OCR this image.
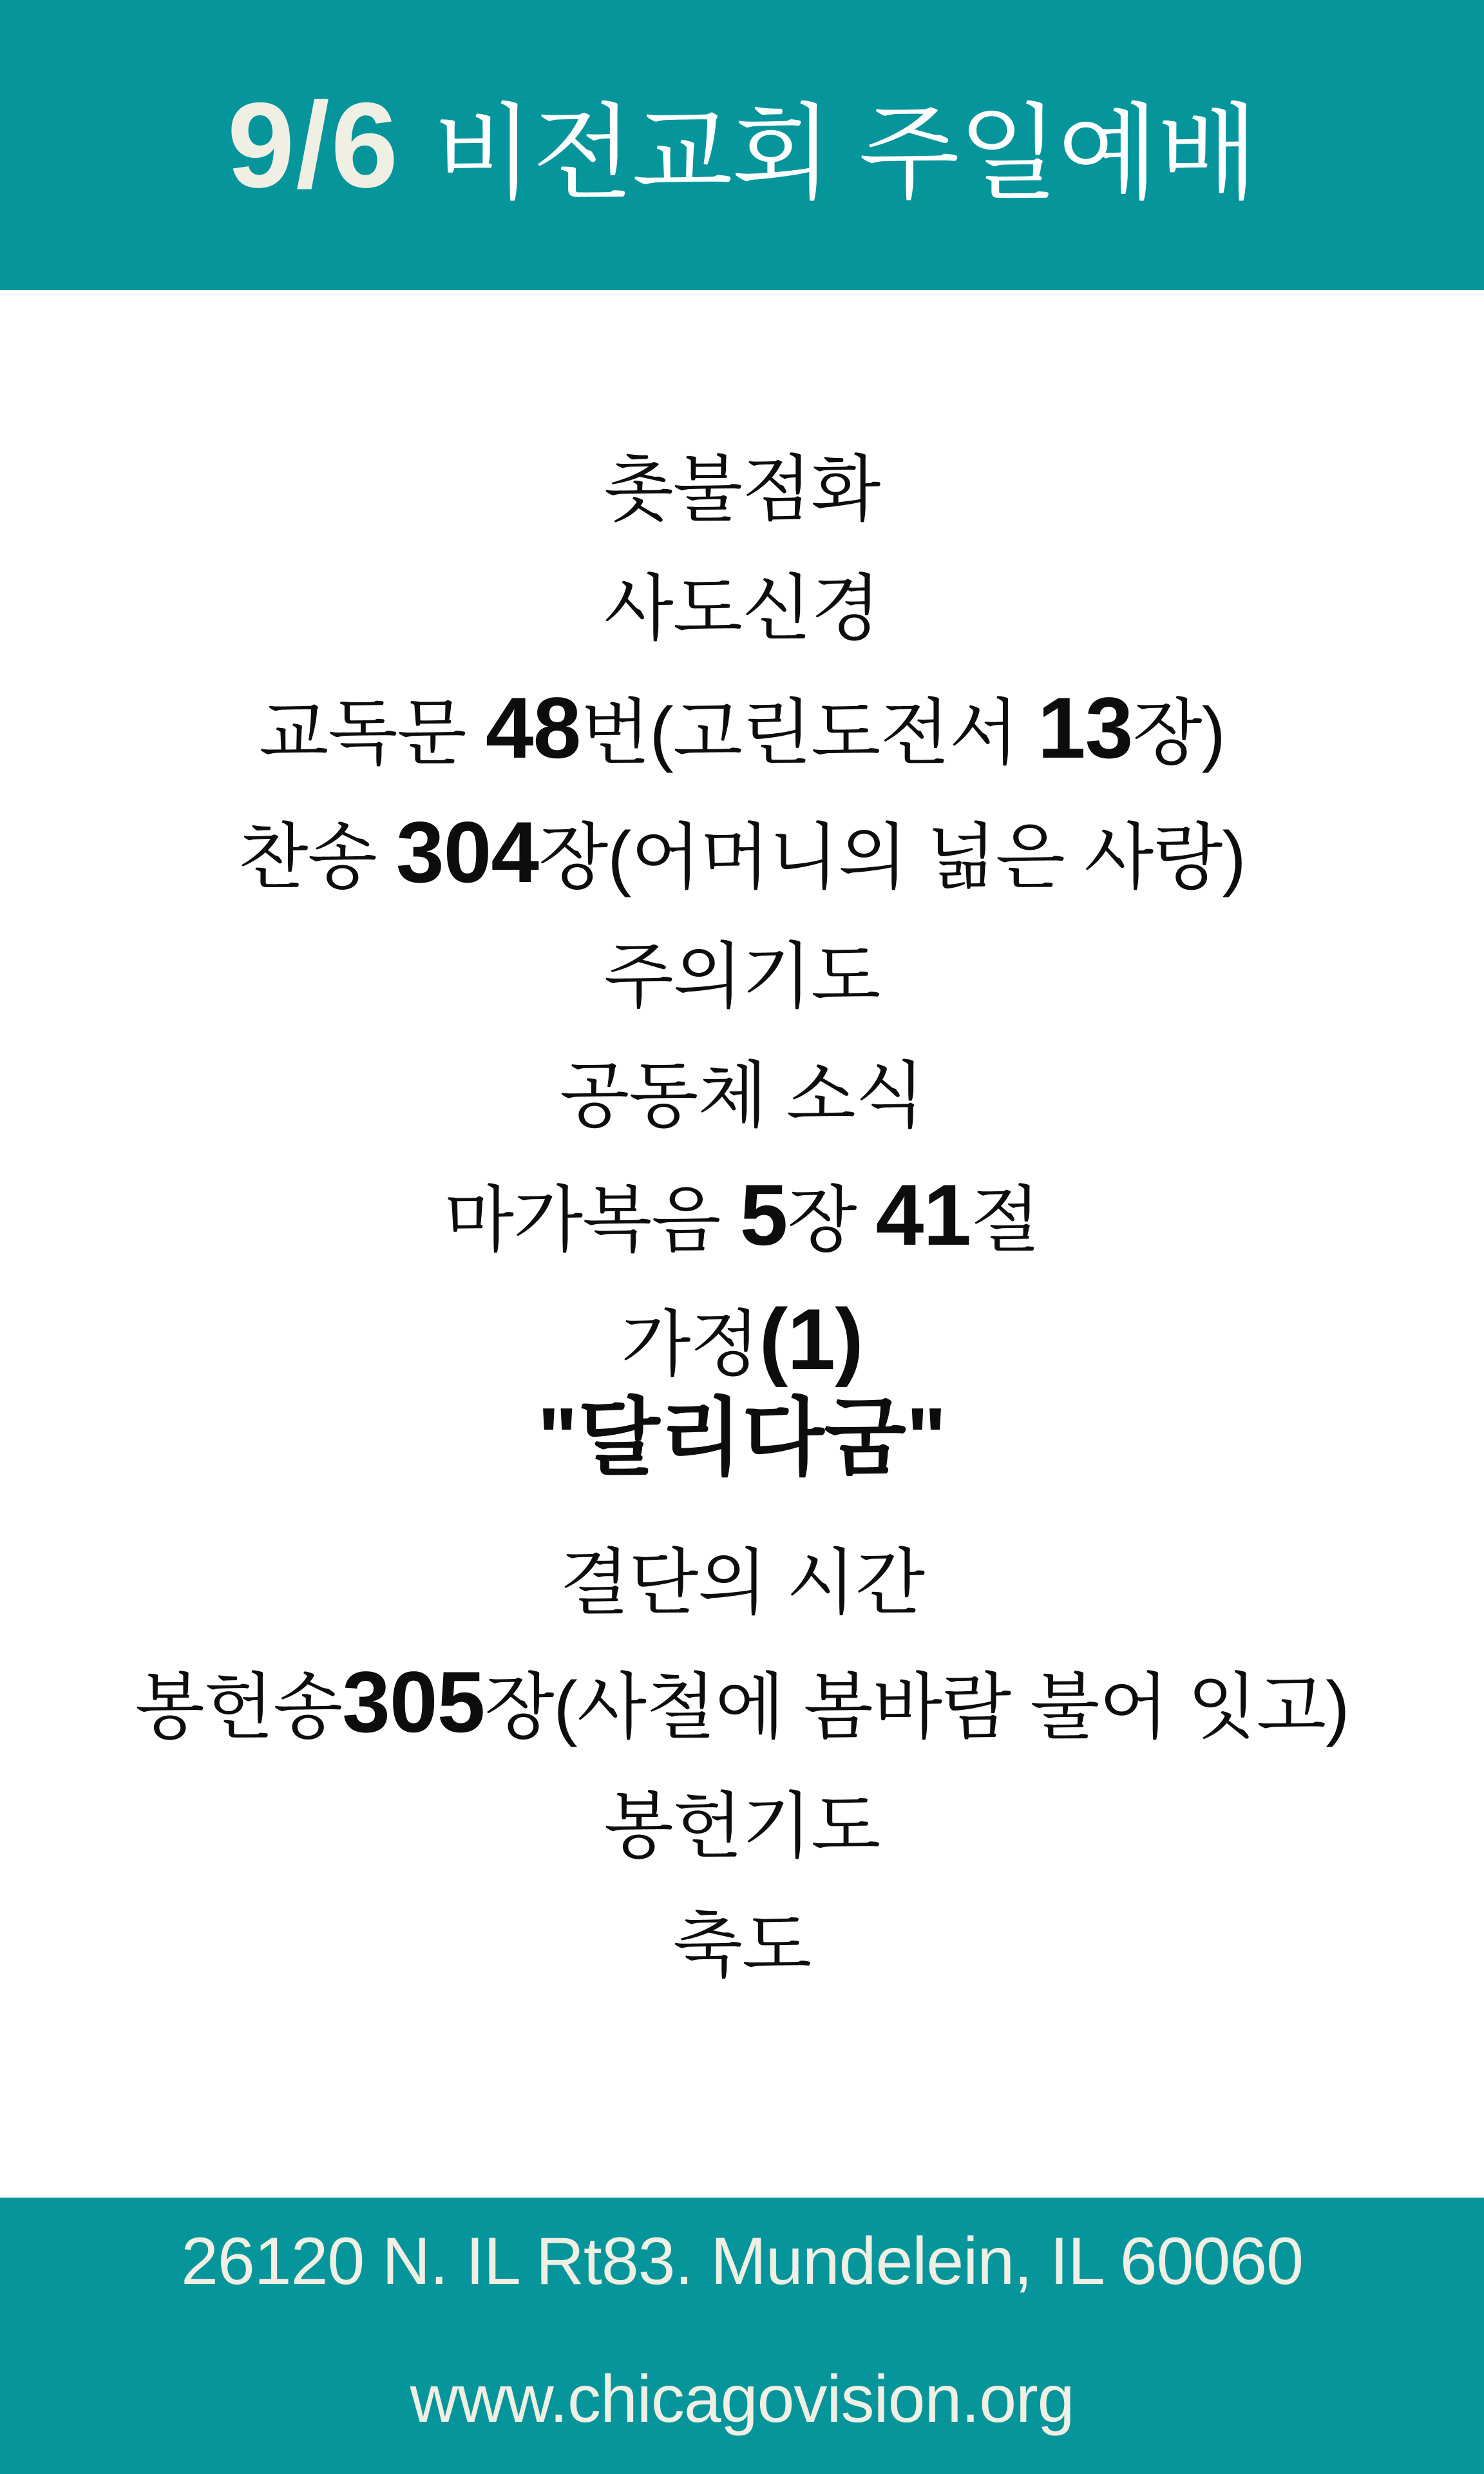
9/6 비전교회 주일예배
촛불점화
사도신경
교독문 48번(고린도전서 13장)
찬송 304장(어머니의 넒은 사랑)
주의기도
공동체 소식
마가복음 5장 41절
가정(1)
"달리다굼"
결단의 시간
봉헌송305장(사철에 봄바람 불어 잇고)
봉헌기도
축도
26120 N. IL Rt83. Mundelein, IL 60060
www.chicagovision.org
